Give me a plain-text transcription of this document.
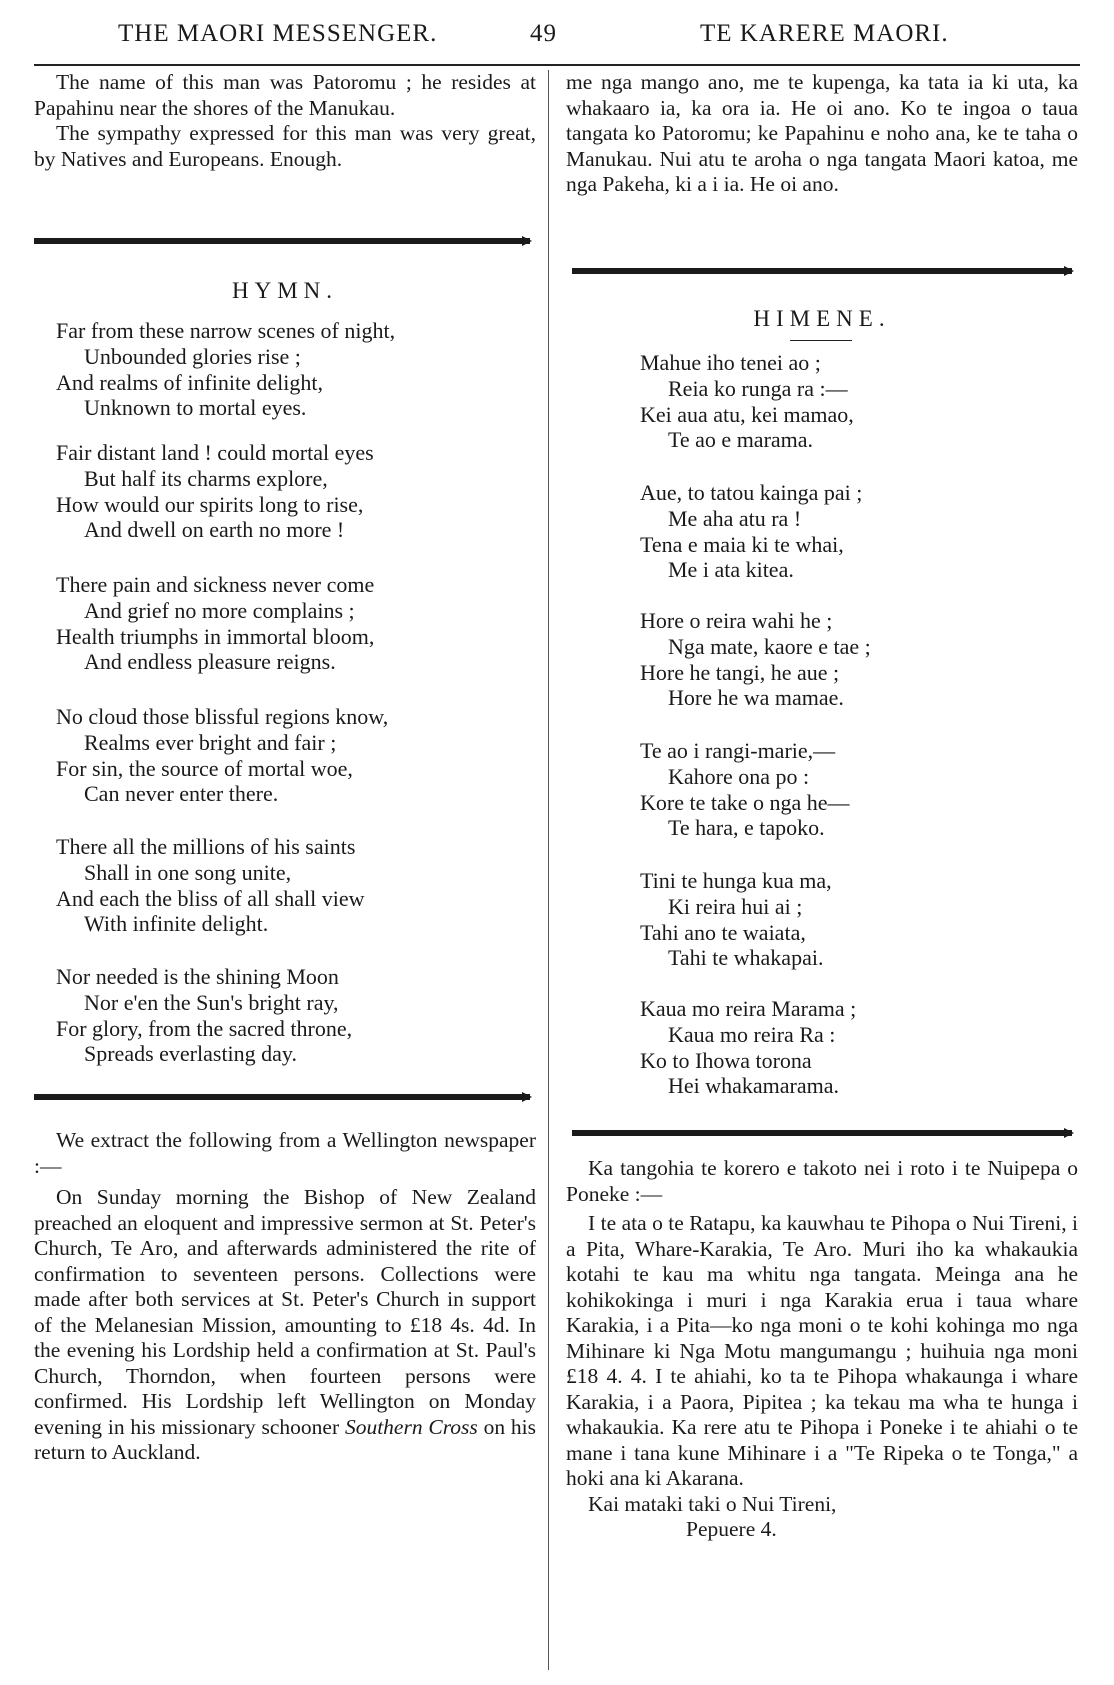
THE MAORI MESSENGER.	49	TE KARERE MAORI.

The name of this man was Patoromu ; he resides at Papahinu near the shores of the Manukau.

The sympathy expressed for this man was very great, by Natives and Europeans. Enough.

HYMN.
Far from these narrow scenes of night,
Unbounded glories rise ;
And realms of infinite delight,
Unknown to mortal eyes.
Fair distant land ! could mortal eyes
But half its charms explore,
How would our spirits long to rise,
And dwell on earth no more !
There pain and sickness never come
And grief no more complains ;
Health triumphs in immortal bloom,
And endless pleasure reigns.
No cloud those blissful regions know,
Realms ever bright and fair ;
For sin, the source of mortal woe,
Can never enter there.
There all the millions of his saints
Shall in one song unite,
And each the bliss of all shall view
With infinite delight.
Nor needed is the shining Moon
Nor e'en the Sun's bright ray,
For glory, from the sacred throne,
Spreads everlasting day.

We extract the following from a Wellington newspaper :—

On Sunday morning the Bishop of New Zealand preached an eloquent and impressive sermon at St. Peter's Church, Te Aro, and afterwards administered the rite of confirmation to seventeen persons. Collections were made after both services at St. Peter's Church in support of the Melanesian Mission, amounting to £18 4s. 4d. In the evening his Lordship held a confirmation at St. Paul's Church, Thorndon, when fourteen persons were confirmed. His Lordship left Wellington on Monday evening in his missionary schooner Southern Cross on his return to Auckland.

me nga mango ano, me te kupenga, ka tata ia ki uta, ka whakaaro ia, ka ora ia. He oi ano. Ko te ingoa o taua tangata ko Patoromu; ke Papahinu e noho ana, ke te taha o Manukau. Nui atu te aroha o nga tangata Maori katoa, me nga Pakeha, ki a i ia. He oi ano.

HIMENE.
Mahue iho tenei ao ;
Reia ko runga ra :—
Kei aua atu, kei mamao,
Te ao e marama.
Aue, to tatou kainga pai ;
Me aha atu ra !
Tena e maia ki te whai,
Me i ata kitea.
Hore o reira wahi he ;
Nga mate, kaore e tae ;
Hore he tangi, he aue ;
Hore he wa mamae.
Te ao i rangi-marie,—
Kahore ona po :
Kore te take o nga he—
Te hara, e tapoko.
Tini te hunga kua ma,
Ki reira hui ai ;
Tahi ano te waiata,
Tahi te whakapai.
Kaua mo reira Marama ;
Kaua mo reira Ra :
Ko to Ihowa torona
Hei whakamarama.

Ka tangohia te korero e takoto nei i roto i te Nuipepa o Poneke :—

I te ata o te Ratapu, ka kauwhau te Pihopa o Nui Tireni, i a Pita, Whare-Karakia, Te Aro. Muri iho ka whakaukia kotahi te kau ma whitu nga tangata. Meinga ana he kohikokinga i muri i nga Karakia erua i taua whare Karakia, i a Pita—ko nga moni o te kohi kohinga mo nga Mihinare ki Nga Motu mangumangu ; huihuia nga moni £18 4. 4. I te ahiahi, ko ta te Pihopa whakaunga i whare Karakia, i a Paora, Pipitea ; ka tekau ma wha te hunga i whakaukia. Ka rere atu te Pihopa i Poneke i te ahiahi o te mane i tana kune Mihinare i a "Te Ripeka o te Tonga," a hoki ana ki Akarana.

Kai mataki taki o Nui Tireni,

Pepuere 4.
